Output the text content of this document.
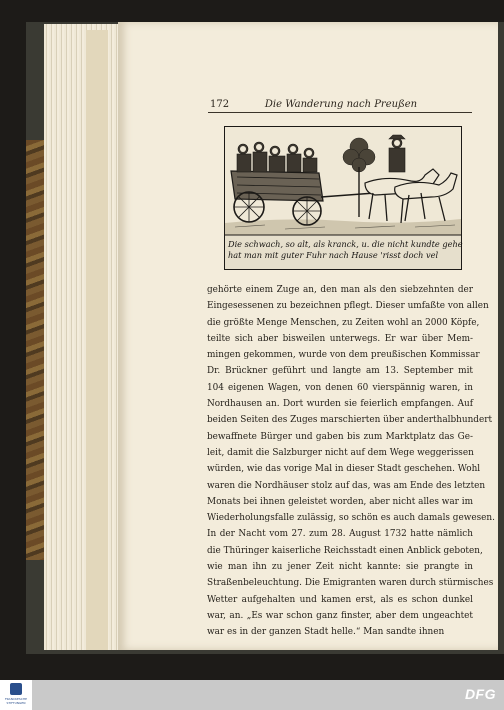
172	Die Wanderung nach Preußen
Die schwach, so alt, als kranck, u. die nicht kundte gehe
hat man mit guter Fuhr nach Hause 'risst doch vel
gehörte einem Zuge an, den man als den siebzehnten der
Eingesessenen zu bezeichnen pflegt. Dieser umfaßte von allen
die größte Menge Menschen, zu Zeiten wohl an 2000 Köpfe,
teilte sich aber bisweilen unterwegs. Er war über Mem-
mingen gekommen, wurde von dem preußischen Kommissar
Dr. Brückner geführt und langte am 13. September mit
104 eigenen Wagen, von denen 60 vierspännig waren, in
Nordhausen an. Dort wurden sie feierlich empfangen. Auf
beiden Seiten des Zuges marschierten über anderthalbhundert
bewaffnete Bürger und gaben bis zum Marktplatz das Ge-
leit, damit die Salzburger nicht auf dem Wege weggerissen
würden, wie das vorige Mal in dieser Stadt geschehen. Wohl
waren die Nordhäuser stolz auf das, was am Ende des letzten
Monats bei ihnen geleistet worden, aber nicht alles war im
Wiederholungsfalle zulässig, so schön es auch damals gewesen.
In der Nacht vom 27. zum 28. August 1732 hatte nämlich
die Thüringer kaiserliche Reichsstadt einen Anblick geboten,
wie man ihn zu jener Zeit nicht kannte: sie prangte in
Straßenbeleuchtung. Die Emigranten waren durch stürmisches
Wetter aufgehalten und kamen erst, als es schon dunkel
war, an. „Es war schon ganz finster, aber dem ungeachtet
war es in der ganzen Stadt helle.“ Man sandte ihnen
FRANCKESCHE STIFTUNGEN
DFG
